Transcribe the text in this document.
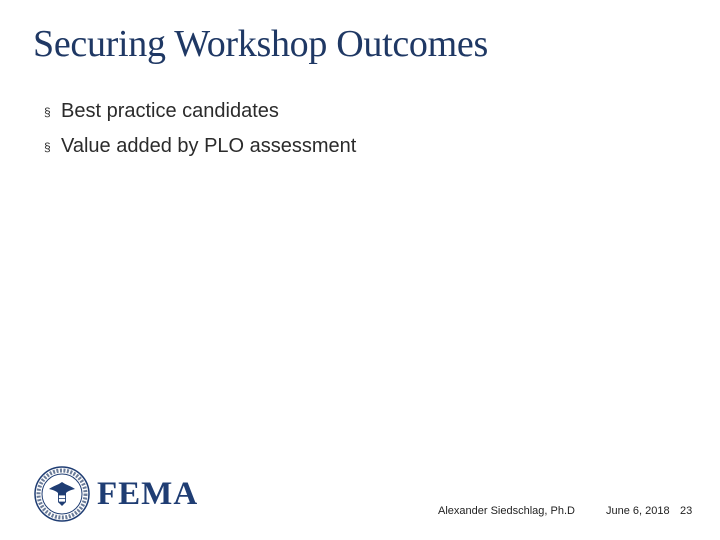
Securing Workshop Outcomes
§ Best practice candidates
§ Value added by PLO assessment
FEMA	Alexander Siedschlag, Ph.D	June 6, 2018 23
